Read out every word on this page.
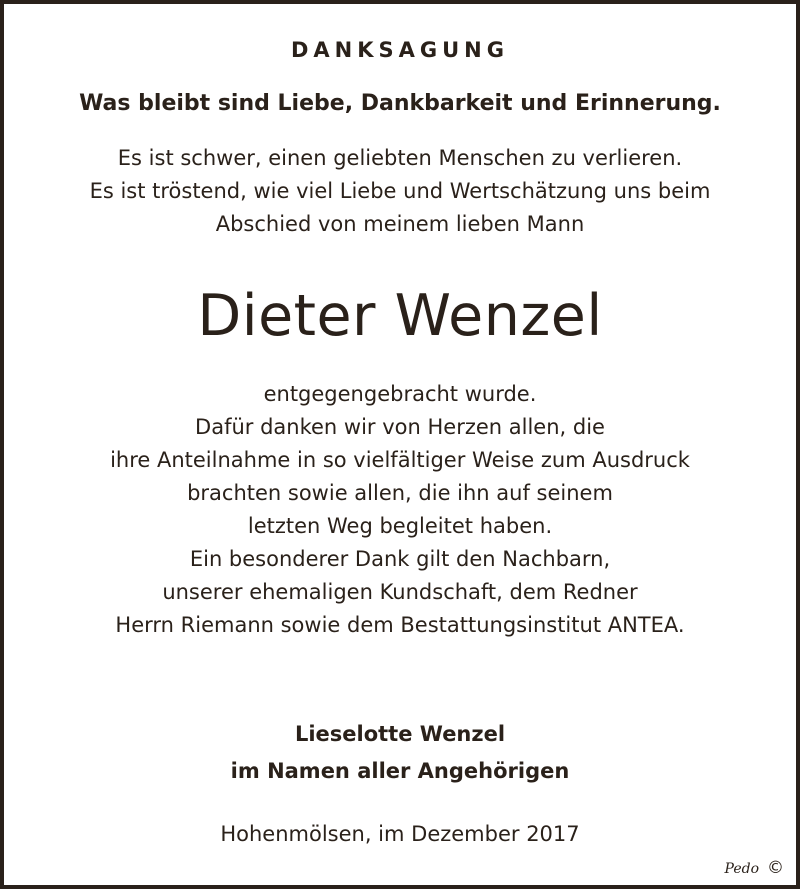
DANKSAGUNG
Was bleibt sind Liebe, Dankbarkeit und Erinnerung.
Es ist schwer, einen geliebten Menschen zu verlieren.
Es ist tröstend, wie viel Liebe und Wertschätzung uns beim
Abschied von meinem lieben Mann
Dieter Wenzel
entgegengebracht wurde.
Dafür danken wir von Herzen allen, die
ihre Anteilnahme in so vielfältiger Weise zum Ausdruck
brachten sowie allen, die ihn auf seinem
letzten Weg begleitet haben.
Ein besonderer Dank gilt den Nachbarn,
unserer ehemaligen Kundschaft, dem Redner
Herrn Riemann sowie dem Bestattungsinstitut ANTEA.
Lieselotte Wenzel
im Namen aller Angehörigen
Hohenmölsen, im Dezember 2017
Pedo ©
